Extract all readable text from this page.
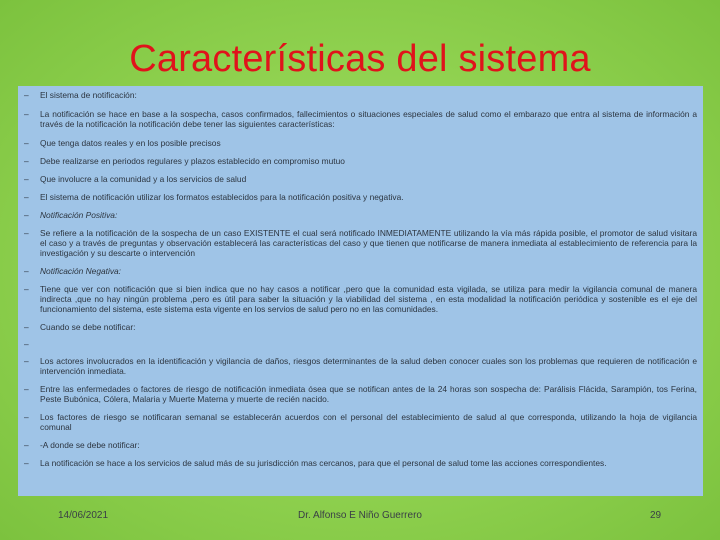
Características del sistema
– El sistema de notificación:
– La notificación se hace en base a la sospecha, casos confirmados, fallecimientos o situaciones especiales de salud como el embarazo que entra al sistema de información a través de la notificación la notificación debe tener las siguientes características:
– Que tenga datos reales y en los posible precisos
– Debe realizarse en periodos regulares y plazos establecido en compromiso mutuo
– Que involucre a la comunidad y a los servicios de salud
– El sistema de notificación utilizar los formatos establecidos para la notificación positiva y negativa.
– Notificación Positiva:
– Se refiere a la notificación de la sospecha de un caso EXISTENTE el cual será notificado INMEDIATAMENTE utilizando la vía más rápida posible, el promotor de salud visitara el caso y a través de preguntas y observación establecerá las características del caso y que tienen que notificarse de manera inmediata al establecimiento de referencia para la investigación y su descarte o intervención
– Notificación Negativa:
– Tiene que ver con notificación que si bien indica que no hay casos a notificar ,pero que la comunidad esta vigilada, se utiliza para medir la vigilancia comunal de manera indirecta ,que no hay ningún problema ,pero es útil para saber la situación y la viabilidad del sistema , en esta modalidad la notificación periódica y sostenible es el eje del funcionamiento del sistema, este sistema esta vigente en los servios de salud pero no en las comunidades.
– Cuando se debe notificar:
–
– Los actores involucrados en la identificación y vigilancia de daños, riesgos determinantes de la salud deben conocer cuales son los problemas que requieren de notificación e intervención inmediata.
– Entre las enfermedades o factores de riesgo de notificación inmediata ósea que se notifican antes de la 24 horas son sospecha de: Parálisis Flácida, Sarampión, tos Ferina, Peste Bubónica, Cólera, Malaria y Muerte Materna y muerte de recién nacido.
– Los factores de riesgo se notificaran semanal se establecerán acuerdos con el personal del establecimiento de salud al que corresponda, utilizando la hoja de vigilancia comunal
– -A donde se debe notificar:
– La notificación se hace a los servicios de salud más de su jurisdicción mas cercanos, para que el personal de salud tome las acciones correspondientes.
14/06/2021	Dr. Alfonso E Niño Guerrero	29
